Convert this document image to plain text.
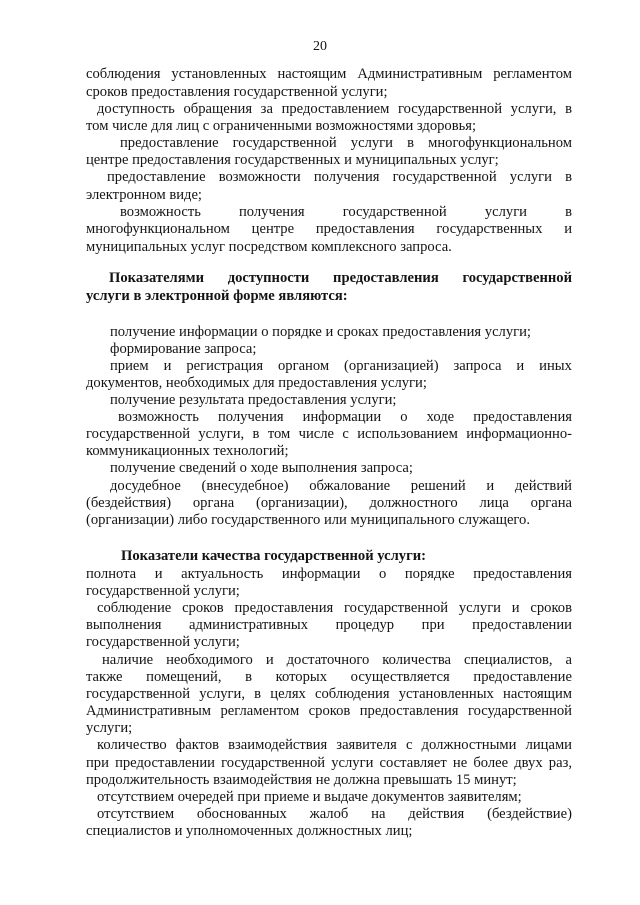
20
соблюдения установленных настоящим Административным регламентом
сроков предоставления государственной услуги;
доступность обращения за предоставлением государственной услуги, в
том числе для лиц с ограниченными возможностями здоровья;
предоставление государственной услуги в многофункциональном
центре предоставления государственных и муниципальных услуг;
предоставление возможности получения государственной услуги в
электронном виде;
возможность	получения	государственной	услуги	в
многофункциональном центре предоставления государственных и
муниципальных услуг посредством комплексного запроса.
Показателями доступности предоставления государственной
услуги в электронной форме являются:
получение информации о порядке и сроках предоставления услуги;
формирование запроса;
прием и регистрация органом (организацией) запроса и иных
документов, необходимых для предоставления услуги;
получение результата предоставления услуги;
возможность получения информации о ходе предоставления
государственной услуги, в том числе с использованием информационно-
коммуникационных технологий;
получение сведений о ходе выполнения запроса;
досудебное (внесудебное) обжалование решений и действий
(бездействия) органа (организации), должностного лица органа
(организации) либо государственного или муниципального служащего.
Показатели качества государственной услуги:
полнота и актуальность информации о порядке предоставления
государственной услуги;
соблюдение сроков предоставления государственной услуги и сроков
выполнения административных процедур при предоставлении
государственной услуги;
наличие необходимого и достаточного количества специалистов, а
также помещений, в которых осуществляется предоставление
государственной услуги, в целях соблюдения установленных настоящим
Административным регламентом сроков предоставления государственной
услуги;
количество фактов взаимодействия заявителя с должностными лицами
при предоставлении государственной услуги составляет не более двух раз,
продолжительность взаимодействия не должна превышать 15 минут;
отсутствием очередей при приеме и выдаче документов заявителям;
отсутствием обоснованных жалоб на действия (бездействие)
специалистов и уполномоченных должностных лиц;
